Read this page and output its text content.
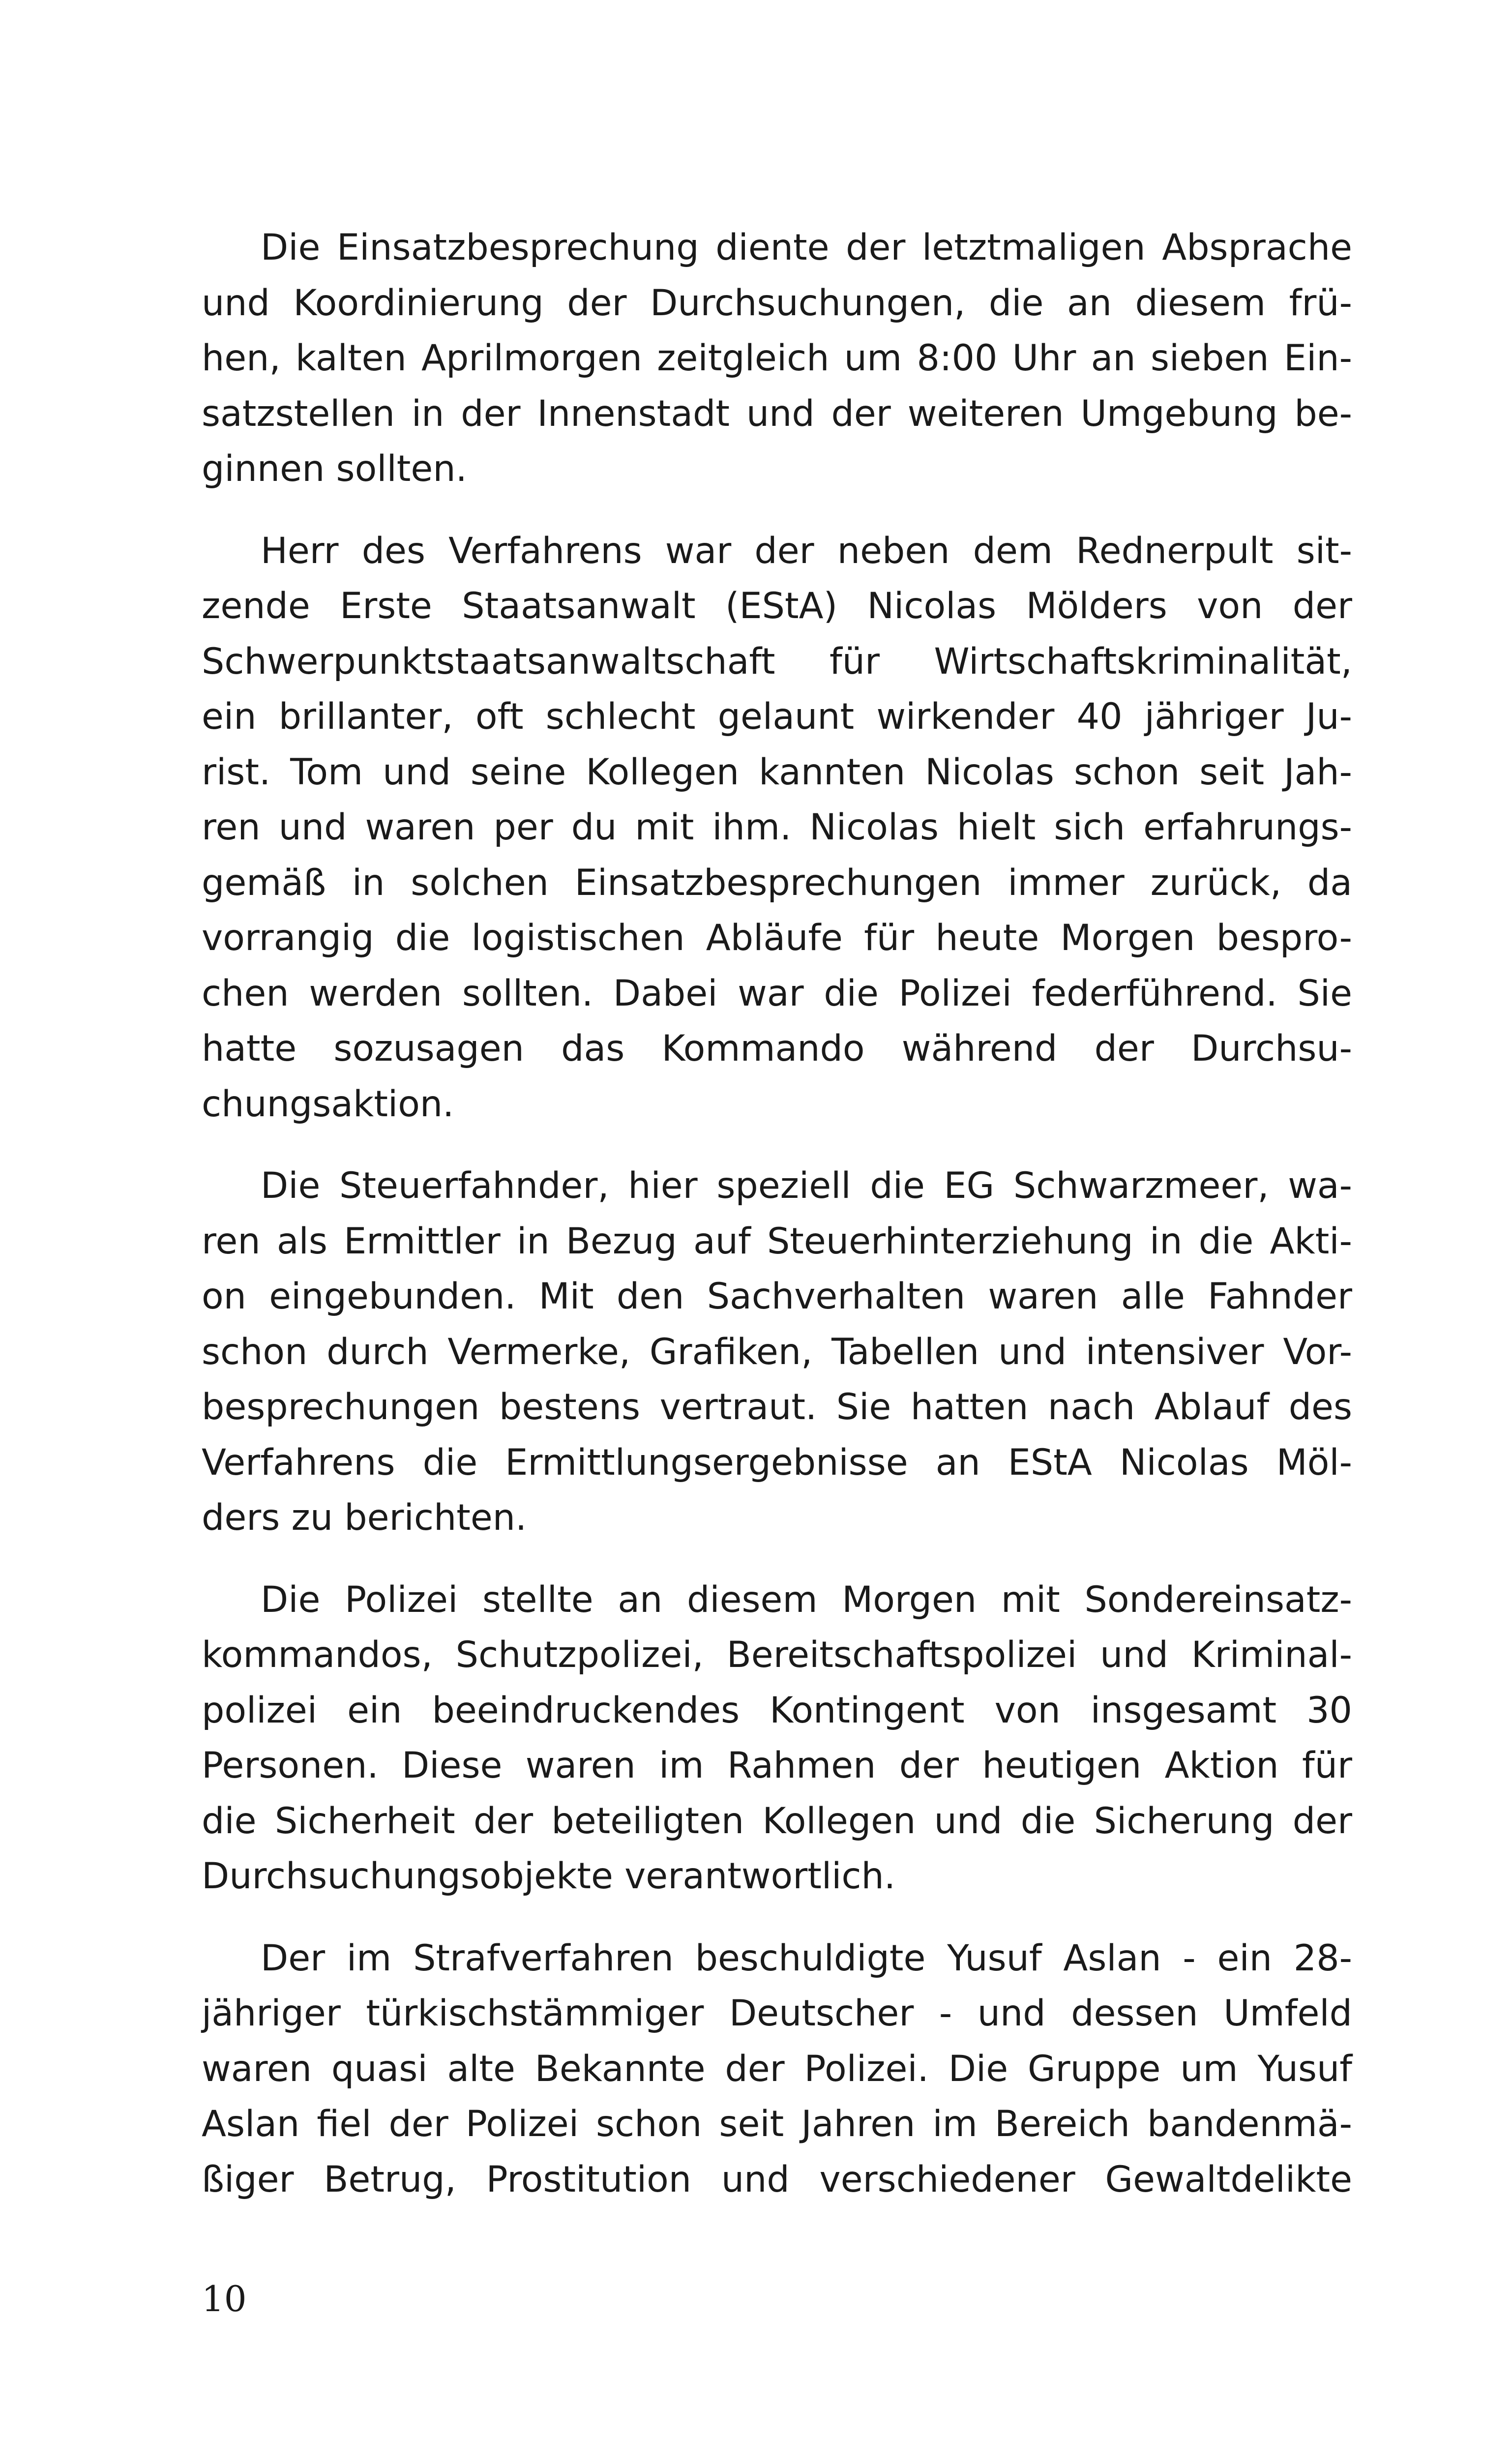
Die Einsatzbesprechung diente der letztmaligen Absprache
und Koordinierung der Durchsuchungen, die an diesem frü-
hen, kalten Aprilmorgen zeitgleich um 8:00 Uhr an sieben Ein-
satzstellen in der Innenstadt und der weiteren Umgebung be-
ginnen sollten.

Herr des Verfahrens war der neben dem Rednerpult sit-
zende Erste Staatsanwalt (EStA) Nicolas Mölders von der
Schwerpunktstaatsanwaltschaft für Wirtschaftskriminalität,
ein brillanter, oft schlecht gelaunt wirkender 40 jähriger Ju-
rist. Tom und seine Kollegen kannten Nicolas schon seit Jah-
ren und waren per du mit ihm. Nicolas hielt sich erfahrungs-
gemäß in solchen Einsatzbesprechungen immer zurück, da
vorrangig die logistischen Abläufe für heute Morgen bespro-
chen werden sollten. Dabei war die Polizei federführend. Sie
hatte sozusagen das Kommando während der Durchsu-
chungsaktion.

Die Steuerfahnder, hier speziell die EG Schwarzmeer, wa-
ren als Ermittler in Bezug auf Steuerhinterziehung in die Akti-
on eingebunden. Mit den Sachverhalten waren alle Fahnder
schon durch Vermerke, Grafiken, Tabellen und intensiver Vor-
besprechungen bestens vertraut. Sie hatten nach Ablauf des
Verfahrens die Ermittlungsergebnisse an EStA Nicolas Möl-
ders zu berichten.

Die Polizei stellte an diesem Morgen mit Sondereinsatz-
kommandos, Schutzpolizei, Bereitschaftspolizei und Kriminal-
polizei ein beeindruckendes Kontingent von insgesamt 30
Personen. Diese waren im Rahmen der heutigen Aktion für
die Sicherheit der beteiligten Kollegen und die Sicherung der
Durchsuchungsobjekte verantwortlich.

Der im Strafverfahren beschuldigte Yusuf Aslan - ein 28-
jähriger türkischstämmiger Deutscher - und dessen Umfeld
waren quasi alte Bekannte der Polizei. Die Gruppe um Yusuf
Aslan fiel der Polizei schon seit Jahren im Bereich bandenmä-
ßiger Betrug, Prostitution und verschiedener Gewaltdelikte

10
